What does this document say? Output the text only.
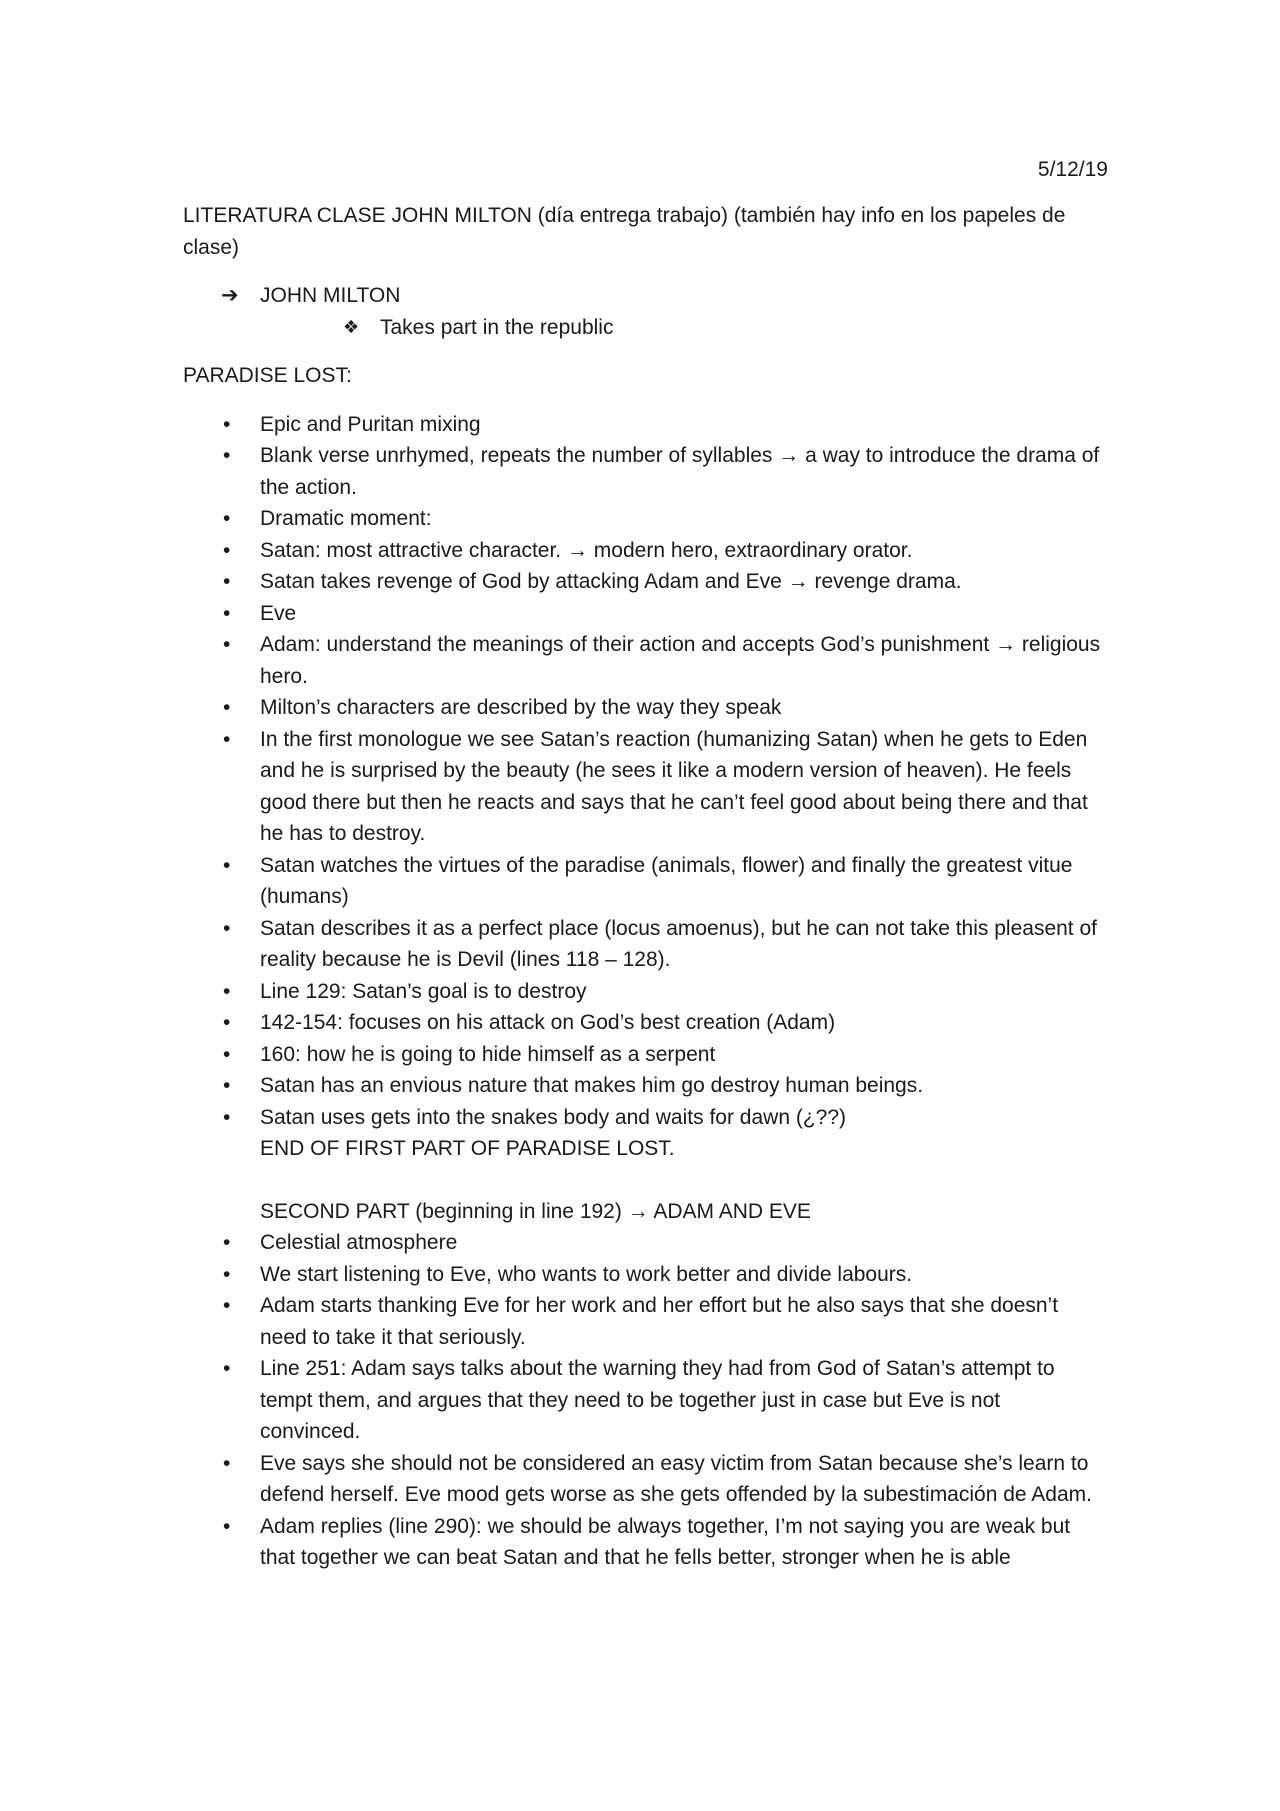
5/12/19

LITERATURA CLASE JOHN MILTON (día entrega trabajo) (también hay info en los papeles de clase)

➔ JOHN MILTON

❖ Takes part in the republic

PARADISE LOST:

• Epic and Puritan mixing
• Blank verse unrhymed, repeats the number of syllables → a way to introduce the drama of the action.
• Dramatic moment:
• Satan: most attractive character. → modern hero, extraordinary orator.
• Satan takes revenge of God by attacking Adam and Eve → revenge drama.
• Eve
• Adam: understand the meanings of their action and accepts God’s punishment → religious hero.
• Milton’s characters are described by the way they speak
• In the first monologue we see Satan’s reaction (humanizing Satan) when he gets to Eden and he is surprised by the beauty (he sees it like a modern version of heaven). He feels good there but then he reacts and says that he can’t feel good about being there and that he has to destroy.
• Satan watches the virtues of the paradise (animals, flower) and finally the greatest vitue (humans)
• Satan describes it as a perfect place (locus amoenus), but he can not take this pleasent of reality because he is Devil (lines 118 – 128).
• Line 129: Satan’s goal is to destroy
• 142-154: focuses on his attack on God’s best creation (Adam)
• 160: how he is going to hide himself as a serpent
• Satan has an envious nature that makes him go destroy human beings.
• Satan uses gets into the snakes body and waits for dawn (¿??)

END OF FIRST PART OF PARADISE LOST.

SECOND PART (beginning in line 192) → ADAM AND EVE

• Celestial atmosphere
• We start listening to Eve, who wants to work better and divide labours.
• Adam starts thanking Eve for her work and her effort but he also says that she doesn’t need to take it that seriously.
• Line 251: Adam says talks about the warning they had from God of Satan’s attempt to tempt them, and argues that they need to be together just in case but Eve is not convinced.
• Eve says she should not be considered an easy victim from Satan because she’s learn to defend herself. Eve mood gets worse as she gets offended by la subestimación de Adam.
• Adam replies (line 290): we should be always together, I’m not saying you are weak but that together we can beat Satan and that he fells better, stronger when he is able
